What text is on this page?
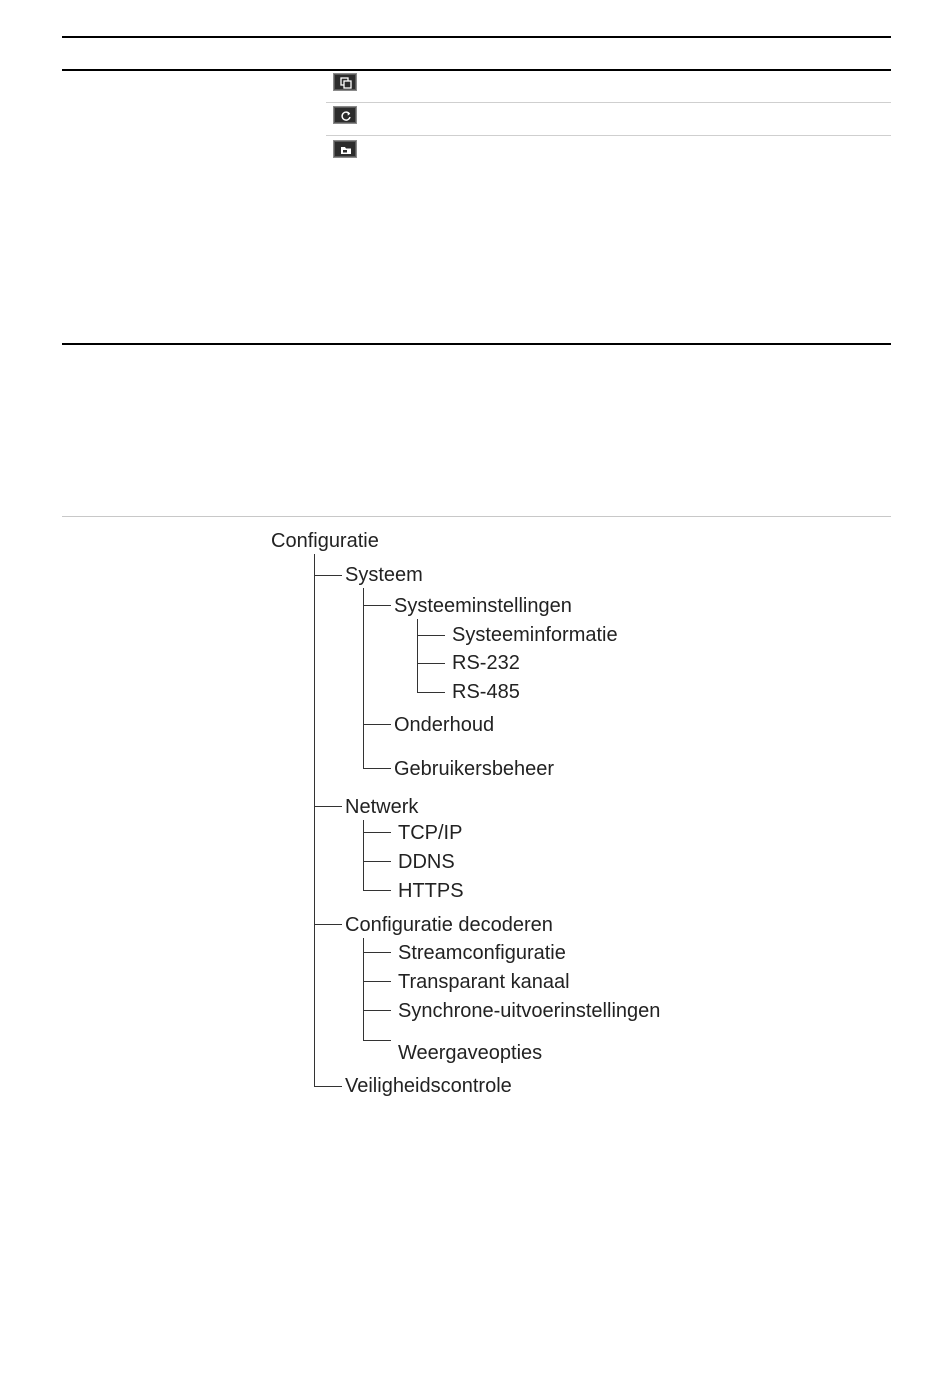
Configuratie
Systeem
Systeeminstellingen
Systeeminformatie
RS-232
RS-485
Onderhoud
Gebruikersbeheer
Netwerk
TCP/IP
DDNS
HTTPS
Configuratie decoderen
Streamconfiguratie
Transparant kanaal
Synchrone-uitvoerinstellingen
Weergaveopties
Veiligheidscontrole
